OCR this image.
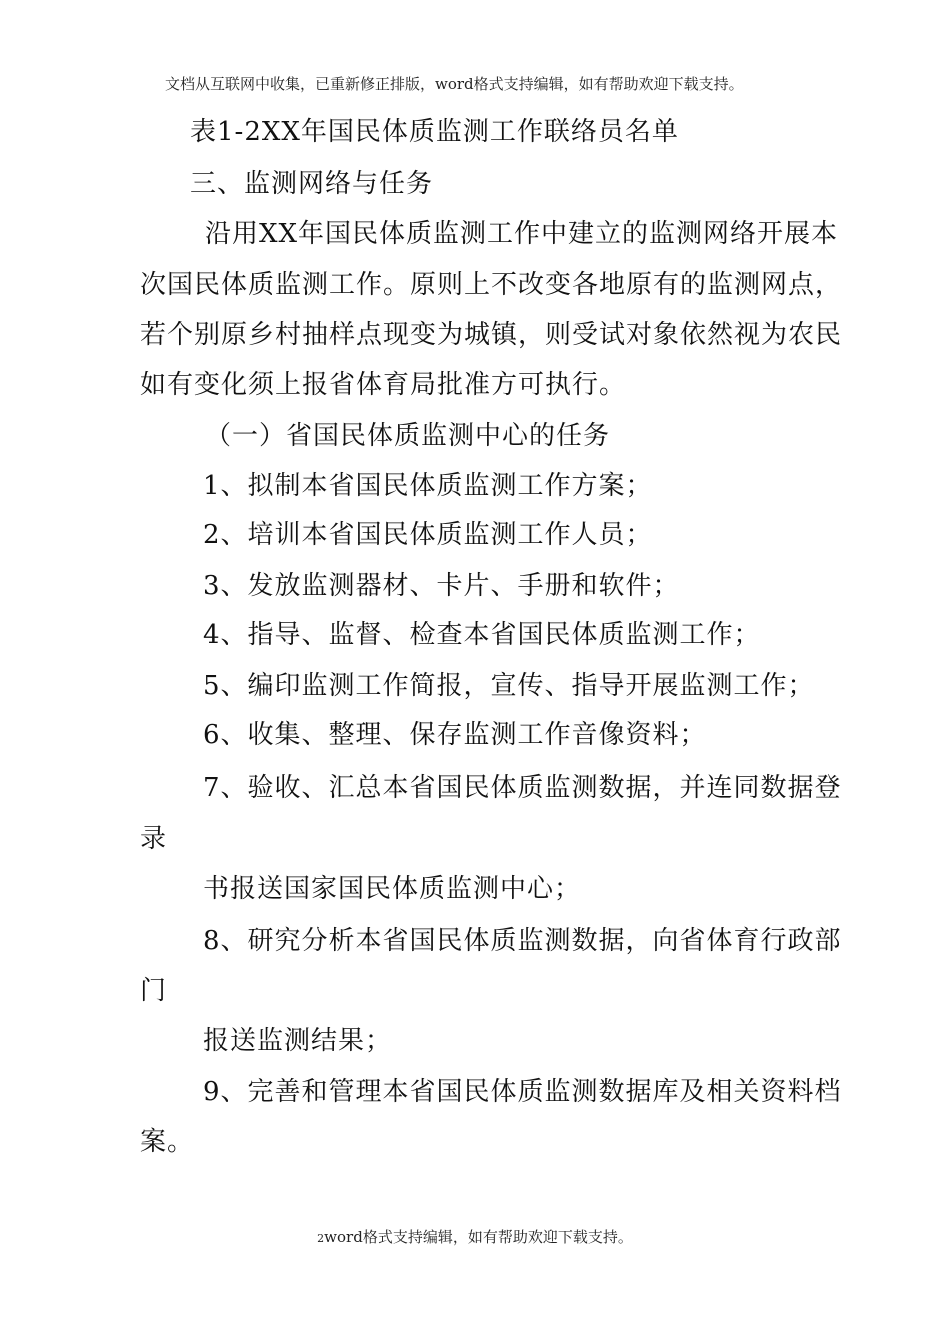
文档从互联网中收集，已重新修正排版，word格式支持编辑，如有帮助欢迎下载支持。
表1-2XX年国民体质监测工作联络员名单
三、监测网络与任务
沿用XX年国民体质监测工作中建立的监测网络开展本
次国民体质监测工作。原则上不改变各地原有的监测网点，
若个别原乡村抽样点现变为城镇，则受试对象依然视为农民
如有变化须上报省体育局批准方可执行。
（一）省国民体质监测中心的任务
1、拟制本省国民体质监测工作方案；
2、培训本省国民体质监测工作人员；
3、发放监测器材、卡片、手册和软件；
4、指导、监督、检查本省国民体质监测工作；
5、编印监测工作简报，宣传、指导开展监测工作；
6、收集、整理、保存监测工作音像资料；
7、验收、汇总本省国民体质监测数据，并连同数据登
录
书报送国家国民体质监测中心；
8、研究分析本省国民体质监测数据，向省体育行政部
门
报送监测结果；
9、完善和管理本省国民体质监测数据库及相关资料档
案。
2word格式支持编辑，如有帮助欢迎下载支持。
